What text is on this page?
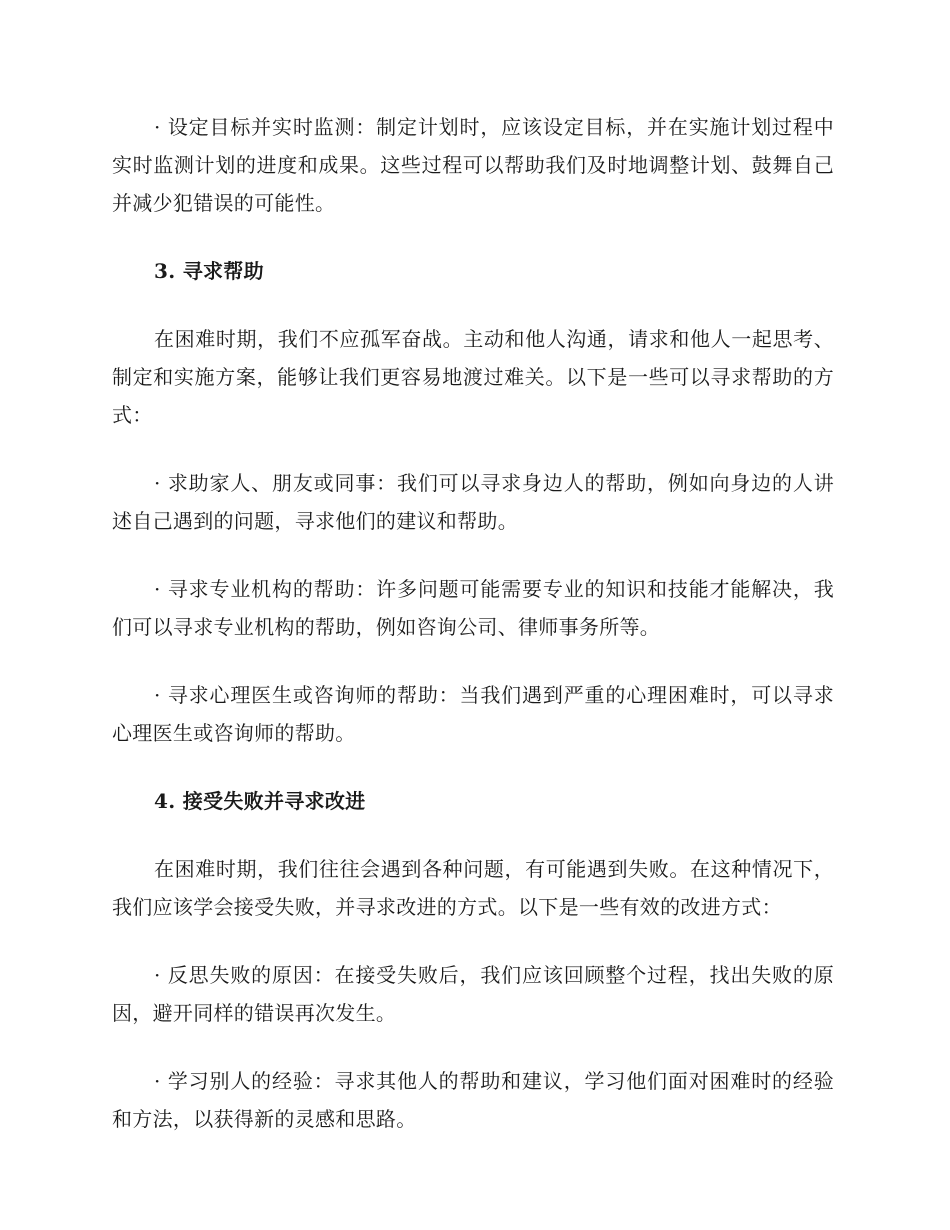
· 设定目标并实时监测：制定计划时，应该设定目标，并在实施计划过程中实时监测计划的进度和成果。这些过程可以帮助我们及时地调整计划、鼓舞自己并减少犯错误的可能性。

3. 寻求帮助

在困难时期，我们不应孤军奋战。主动和他人沟通，请求和他人一起思考、制定和实施方案，能够让我们更容易地渡过难关。以下是一些可以寻求帮助的方式：

· 求助家人、朋友或同事：我们可以寻求身边人的帮助，例如向身边的人讲述自己遇到的问题，寻求他们的建议和帮助。

· 寻求专业机构的帮助：许多问题可能需要专业的知识和技能才能解决，我们可以寻求专业机构的帮助，例如咨询公司、律师事务所等。

· 寻求心理医生或咨询师的帮助：当我们遇到严重的心理困难时，可以寻求心理医生或咨询师的帮助。

4. 接受失败并寻求改进

在困难时期，我们往往会遇到各种问题，有可能遇到失败。在这种情况下，我们应该学会接受失败，并寻求改进的方式。以下是一些有效的改进方式：

· 反思失败的原因：在接受失败后，我们应该回顾整个过程，找出失败的原因，避开同样的错误再次发生。

· 学习别人的经验：寻求其他人的帮助和建议，学习他们面对困难时的经验和方法，以获得新的灵感和思路。
